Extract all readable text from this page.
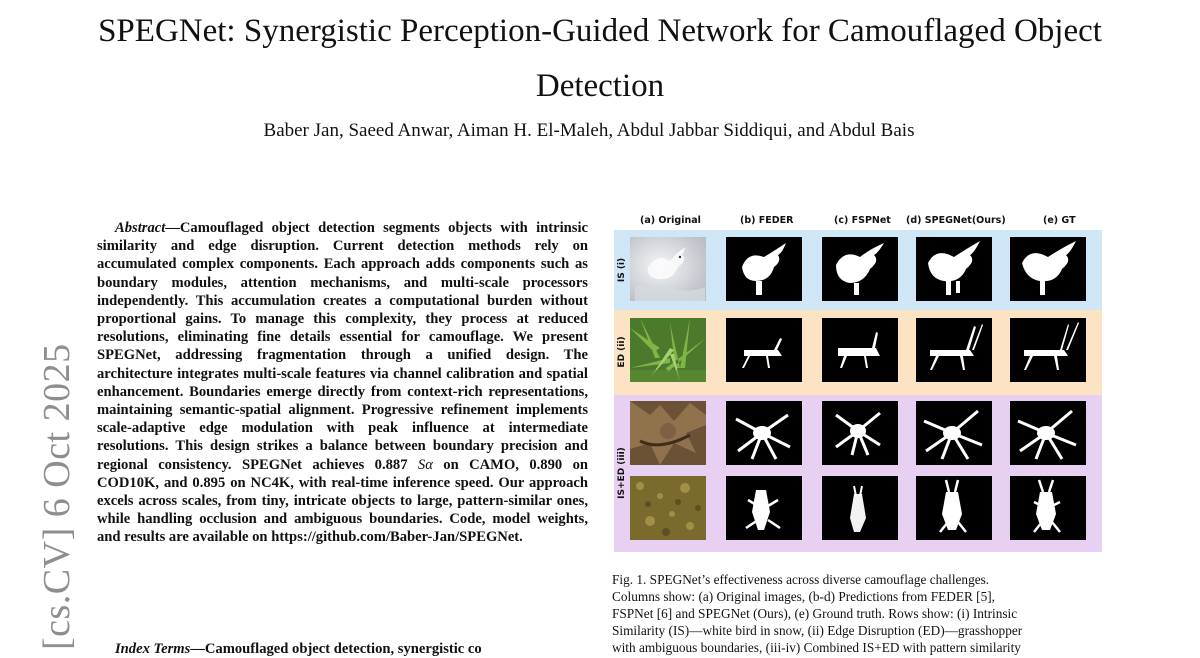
SPEGNet: Synergistic Perception-Guided Network for Camouflaged Object Detection
Baber Jan, Saeed Anwar, Aiman H. El-Maleh, Abdul Jabbar Siddiqui, and Abdul Bais
[cs.CV] 6 Oct 2025

Abstract—Camouflaged object detection segments objects with intrinsic similarity and edge disruption. Current detection methods rely on accumulated complex components. Each approach adds components such as boundary modules, attention mechanisms, and multi-scale processors independently. This accumulation creates a computational burden without proportional gains. To manage this complexity, they process at reduced resolutions, eliminating fine details essential for camouflage. We present SPEGNet, addressing fragmentation through a unified design. The architecture integrates multi-scale features via channel calibration and spatial enhancement. Boundaries emerge directly from context-rich representations, maintaining semantic-spatial alignment. Progressive refinement implements scale-adaptive edge modulation with peak influence at intermediate resolutions. This design strikes a balance between boundary precision and regional consistency. SPEGNet achieves 0.887 Sα on CAMO, 0.890 on COD10K, and 0.895 on NC4K, with real-time inference speed. Our approach excels across scales, from tiny, intricate objects to large, pattern-similar ones, while handling occlusion and ambiguous boundaries. Code, model weights, and results are available on https://github.com/Baber-Jan/SPEGNet.

Index Terms—Camouflaged object detection, synergistic co

(a) Original	(b) FEDER	(c) FSPNet (d) SPEGNet(Ours)	(e) GT
IS (i)
ED (ii)
IS+ED (iii)

Fig. 1. SPEGNet’s effectiveness across diverse camouflage challenges.
Columns show: (a) Original images, (b-d) Predictions from FEDER [5],
FSPNet [6] and SPEGNet (Ours), (e) Ground truth. Rows show: (i) Intrinsic
Similarity (IS)—white bird in snow, (ii) Edge Disruption (ED)—grasshopper
with ambiguous boundaries, (iii-iv) Combined IS+ED with pattern similarity
